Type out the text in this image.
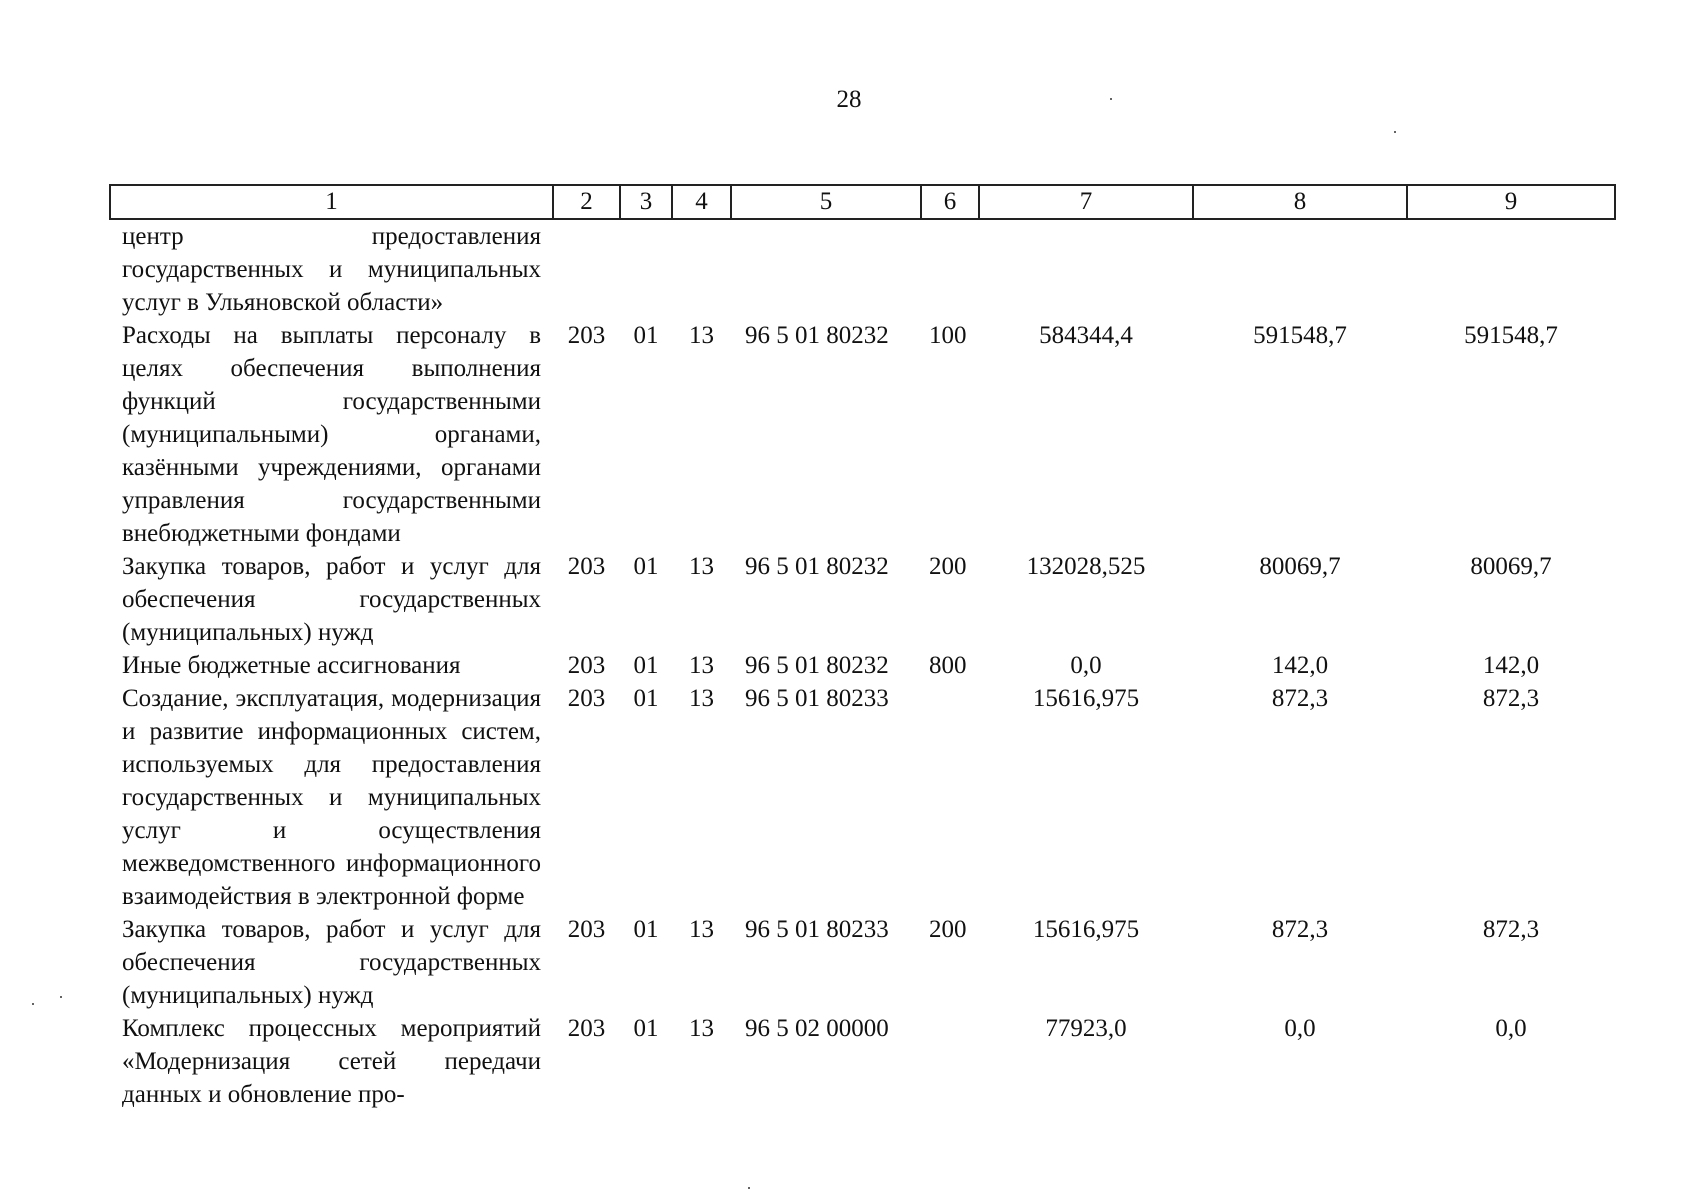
28
1	2	3	4	5	6	7	8	9
центр предоставления государственных и муниципальных услуг в Ульяновской области»								
Расходы на выплаты персоналу в целях обеспечения выполнения функций государственными (муниципальными) органами, казёнными учреждениями, органами управления государственными внебюджетными фондами	203	01	13	96 5 01 80232	100	584344,4	591548,7	591548,7
Закупка товаров, работ и услуг для обеспечения государственных (муниципальных) нужд	203	01	13	96 5 01 80232	200	132028,525	80069,7	80069,7
Иные бюджетные ассигнования	203	01	13	96 5 01 80232	800	0,0	142,0	142,0
Создание, эксплуатация, модернизация и развитие информационных систем, используемых для предоставления государственных и муниципальных услуг и осуществления межведомственного информационного взаимодействия в электронной форме	203	01	13	96 5 01 80233		15616,975	872,3	872,3
Закупка товаров, работ и услуг для обеспечения государственных (муниципальных) нужд	203	01	13	96 5 01 80233	200	15616,975	872,3	872,3
Комплекс процессных мероприятий «Модернизация сетей передачи данных и обновление про-	203	01	13	96 5 02 00000		77923,0	0,0	0,0
